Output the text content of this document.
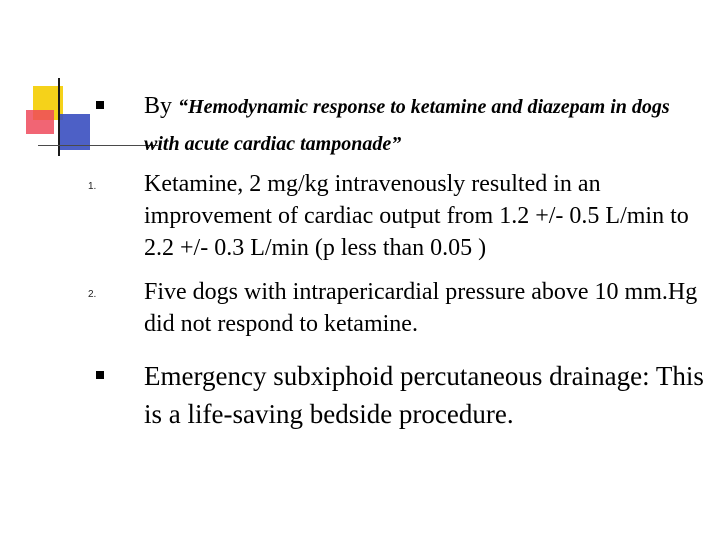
By “Hemodynamic response to ketamine and diazepam in dogs with acute cardiac tamponade”
1. Ketamine, 2 mg/kg intravenously resulted in an improvement of cardiac output from 1.2 +/- 0.5 L/min to 2.2 +/- 0.3 L/min (p less than 0.05 )
2. Five dogs with intrapericardial pressure above 10 mm.Hg did not respond to ketamine.
Emergency subxiphoid percutaneous drainage: This is a life-saving bedside procedure.
